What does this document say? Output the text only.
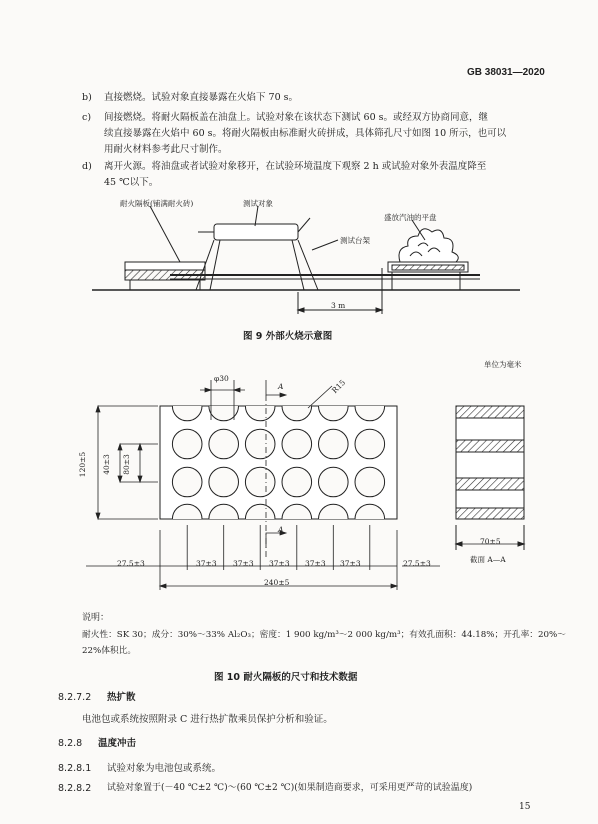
GB 38031—2020
b) 直接燃烧。试验对象直接暴露在火焰下 70 s。
c) 间接燃烧。将耐火隔板盖在油盘上。试验对象在该状态下测试 60 s。或经双方协商同意，继
续直接暴露在火焰中 60 s。将耐火隔板由标准耐火砖拼成，具体筛孔尺寸如图 10 所示，也可以
用耐火材料参考此尺寸制作。
d) 离开火源。将油盘或者试验对象移开，在试验环境温度下观察 2 h 或试验对象外表温度降至
45 ℃以下。
耐火隔板(铺满耐火砖)	测试对象
测试台架
盛放汽油的平盘
3 m
图 9 外部火烧示意图
单位为毫米
φ30
A	R15
A
120±5 40±3 80±3
27.5±3	37±3 37±3 37±3 37±3 37±3	27.5±3
240±5
70±5
截面 A—A
说明：
耐火性：SK 30；成分：30%～33% Al₂O₃；密度：1 900 kg/m³～2 000 kg/m³；有效孔面积：44.18%；开孔率：20%～
22%体积比。
图 10 耐火隔板的尺寸和技术数据
8.2.7.2 热扩散
电池包或系统按照附录 C 进行热扩散乘员保护分析和验证。
8.2.8 温度冲击
8.2.8.1 试验对象为电池包或系统。
8.2.8.2 试验对象置于(－40 ℃±2 ℃)～(60 ℃±2 ℃)(如果制造商要求，可采用更严苛的试验温度)
15
